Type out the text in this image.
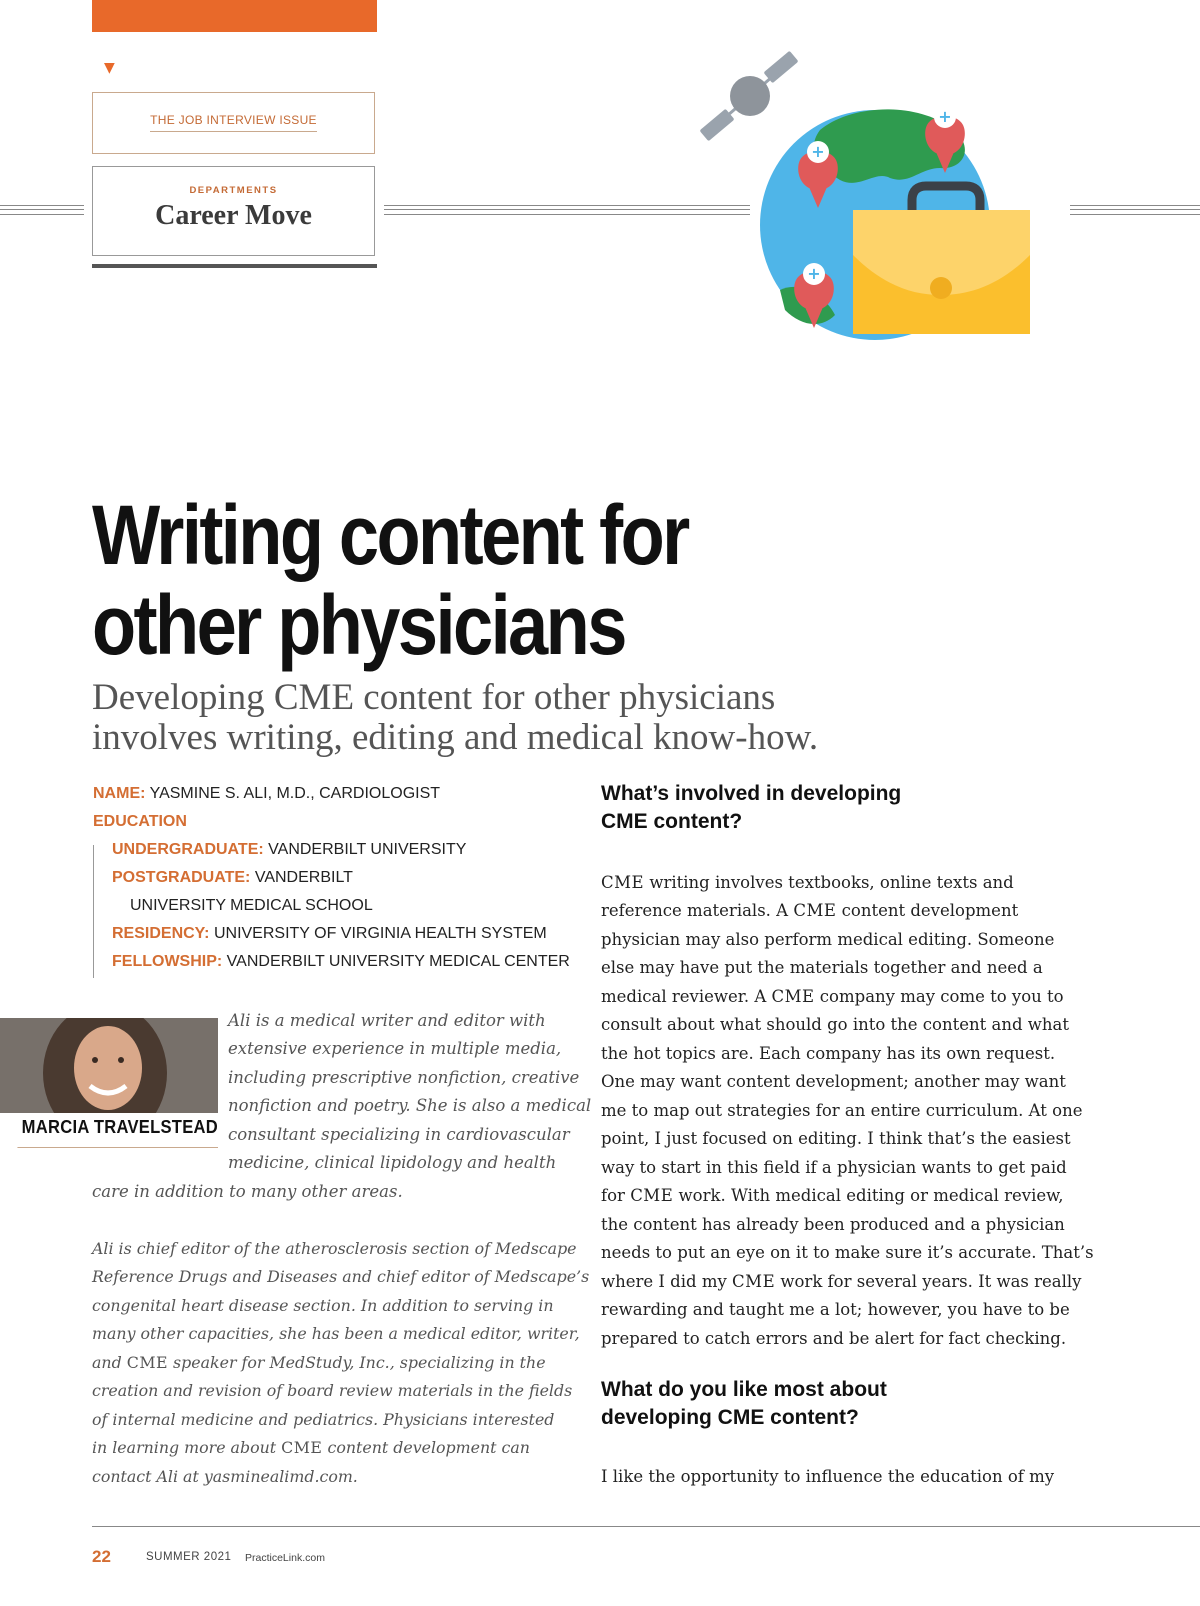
▼
THE JOB INTERVIEW ISSUE
DEPARTMENTS
Career Move
+
+
+
Writing content for
other physicians

Developing CME content for other physicians
involves writing, editing and medical know-how.

NAME: YASMINE S. ALI, M.D., CARDIOLOGIST
EDUCATION
UNDERGRADUATE: VANDERBILT UNIVERSITY
POSTGRADUATE: VANDERBILT
UNIVERSITY MEDICAL SCHOOL
RESIDENCY: UNIVERSITY OF VIRGINIA HEALTH SYSTEM
FELLOWSHIP: VANDERBILT UNIVERSITY MEDICAL CENTER
MARCIA TRAVELSTEAD
Ali is a medical writer and editor with
extensive experience in multiple media,
including prescriptive nonfiction, creative
nonfiction and poetry. She is also a medical
consultant specializing in cardiovascular
medicine, clinical lipidology and health
care in addition to many other areas.
Ali is chief editor of the atherosclerosis section of Medscape
Reference Drugs and Diseases and chief editor of Medscape’s
congenital heart disease section. In addition to serving in
many other capacities, she has been a medical editor, writer,
and CME speaker for MedStudy, Inc., specializing in the
creation and revision of board review materials in the fields
of internal medicine and pediatrics. Physicians interested
in learning more about CME content development can
contact Ali at yasminealimd.com.
What’s involved in developing
CME content?
CME writing involves textbooks, online texts and
reference materials. A CME content development
physician may also perform medical editing. Someone
else may have put the materials together and need a
medical reviewer. A CME company may come to you to
consult about what should go into the content and what
the hot topics are. Each company has its own request.
One may want content development; another may want
me to map out strategies for an entire curriculum. At one
point, I just focused on editing. I think that’s the easiest
way to start in this field if a physician wants to get paid
for CME work. With medical editing or medical review,
the content has already been produced and a physician
needs to put an eye on it to make sure it’s accurate. That’s
where I did my CME work for several years. It was really
rewarding and taught me a lot; however, you have to be
prepared to catch errors and be alert for fact checking.
What do you like most about
developing CME content?
I like the opportunity to influence the education of my
22	SUMMER 2021 PracticeLink.com
